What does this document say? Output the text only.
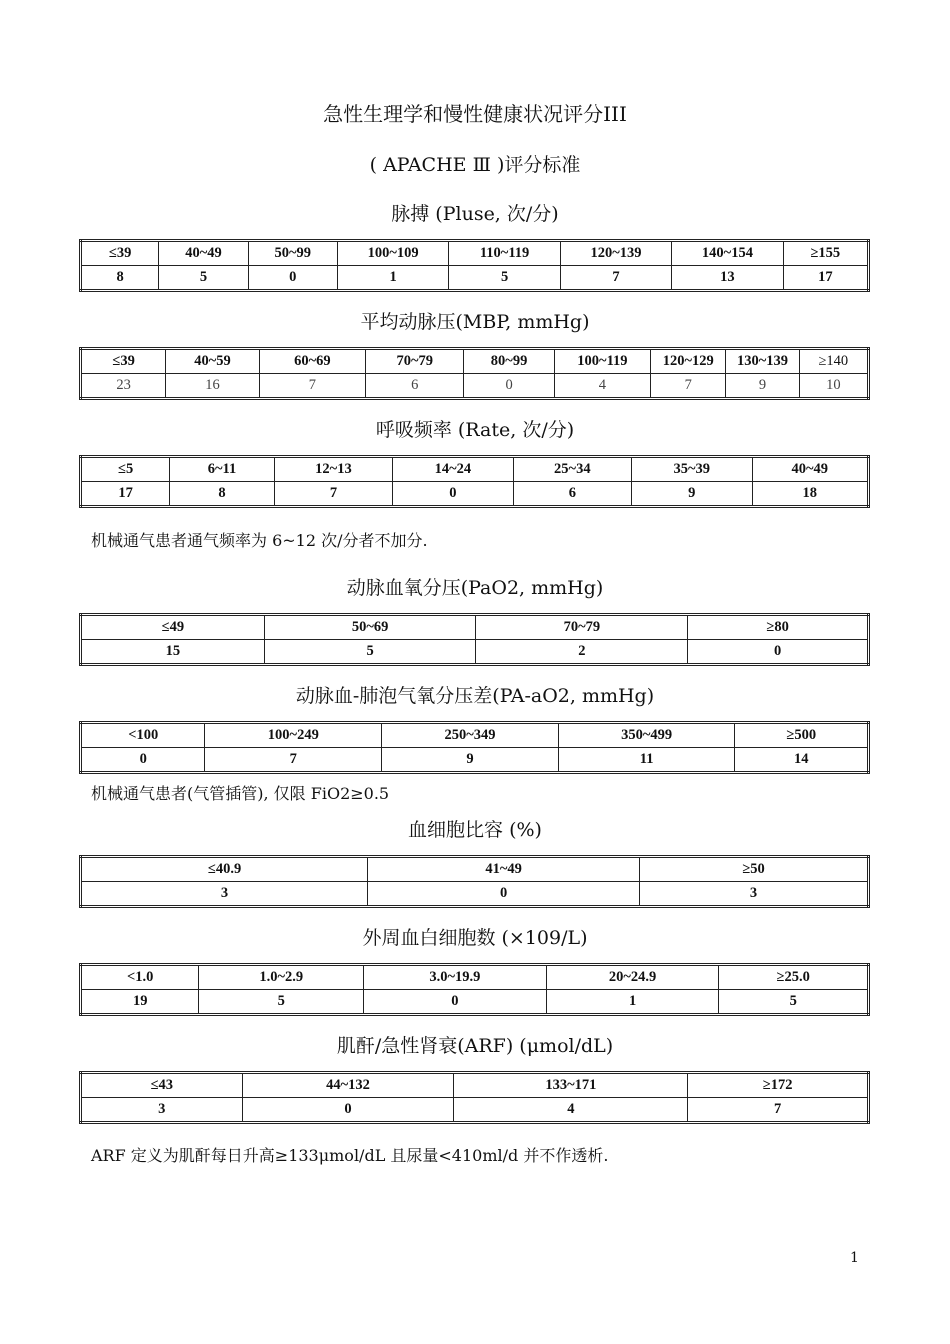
急性生理学和慢性健康状况评分III
( APACHE Ⅲ )评分标准
脉搏 (Pluse, 次/分)
≤39	40~49	50~99	100~109	110~119	120~139	140~154	≥155
8	5	0	1	5	7	13	17
平均动脉压(MBP, mmHg)
≤39	40~59	60~69	70~79	80~99	100~119	120~129	130~139	≥140
23	16	7	6	0	4	7	9	10
呼吸频率 (Rate, 次/分)
≤5	6~11	12~13	14~24	25~34	35~39	40~49
17	8	7	0	6	9	18
机械通气患者通气频率为 6~12 次/分者不加分.
动脉血氧分压(PaO2, mmHg)
≤49	50~69	70~79	≥80
15	5	2	0
动脉血-肺泡气氧分压差(PA-aO2, mmHg)
<100	100~249	250~349	350~499	≥500
0	7	9	11	14
机械通气患者(气管插管), 仅限 FiO2≥0.5
血细胞比容 (%)
≤40.9	41~49	≥50
3	0	3
外周血白细胞数 (×109/L)
<1.0	1.0~2.9	3.0~19.9	20~24.9	≥25.0
19	5	0	1	5
肌酐/急性肾衰(ARF) (μmol/dL)
≤43	44~132	133~171	≥172
3	0	4	7
ARF 定义为肌酐每日升高≥133μmol/dL 且尿量<410ml/d 并不作透析.
1
